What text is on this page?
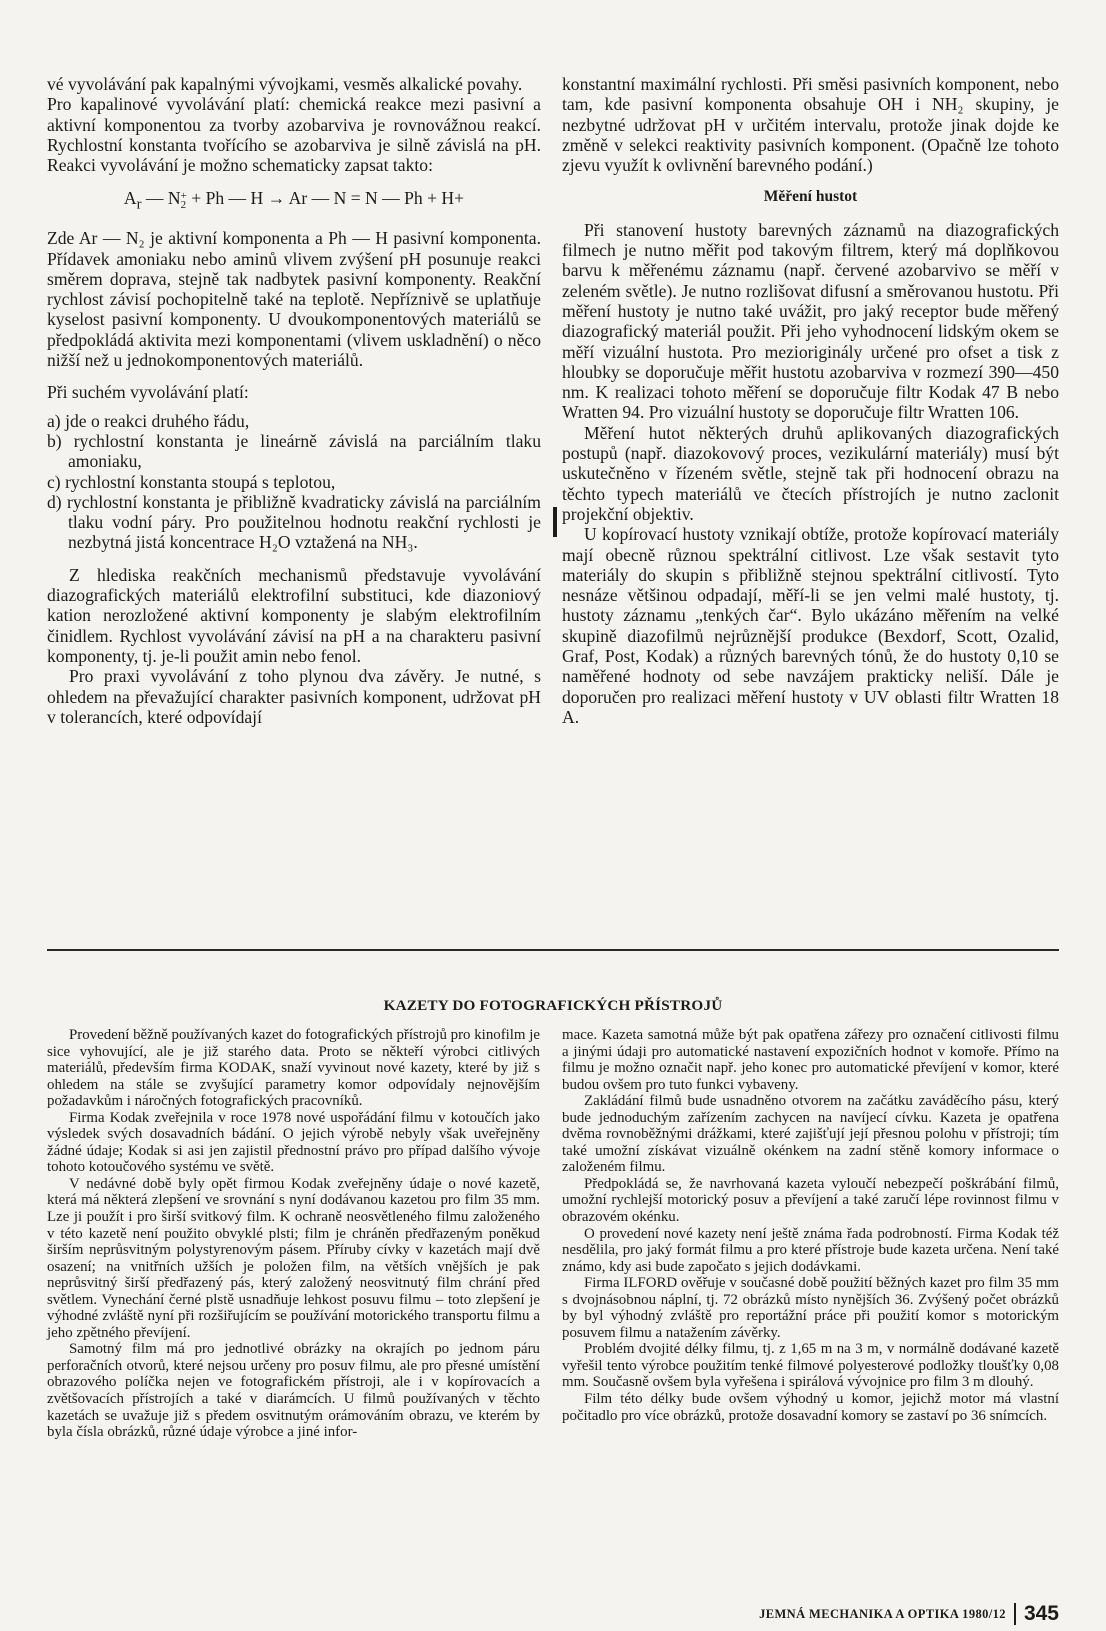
vé vyvolávání pak kapalnými vývojkami, vesměs alkalické povahy.

Pro kapalinové vyvolávání platí: chemická reakce mezi pasivní a aktivní komponentou za tvorby azobarviva je rovnovážnou reakcí. Rychlostní konstanta tvořícího se azobarviva je silně závislá na pH. Reakci vyvolávání je možno schematicky zapsat takto:

$A_r$ — N +
2 + Ph — H → Ar — N = N — Ph + H+

Zde Ar — N₂ je aktivní komponenta a Ph — H pasivní komponenta. Přídavek amoniaku nebo aminů vlivem zvýšení pH posunuje reakci směrem doprava, stejně tak nadbytek pasivní komponenty. Reakční rychlost závisí pochopitelně také na teplotě. Nepříznivě se uplatňuje kyselost pasivní komponenty. U dvoukomponentových materiálů se předpokládá aktivita mezi komponentami (vlivem uskladnění) o něco nižší než u jednokomponentových materiálů.

Při suchém vyvolávání platí:

a) jde o reakci druhého řádu,

b) rychlostní konstanta je lineárně závislá na parciálním tlaku amoniaku,

c) rychlostní konstanta stoupá s teplotou,

d) rychlostní konstanta je přibližně kvadraticky závislá na parciálním tlaku vodní páry. Pro použitelnou hodnotu reakční rychlosti je nezbytná jistá koncentrace H₂O vztažená na NH₃.

Z hlediska reakčních mechanismů představuje vyvolávání diazografických materiálů elektrofilní substituci, kde diazoniový kation nerozložené aktivní komponenty je slabým elektrofilním činidlem. Rychlost vyvolávání závisí na pH a na charakteru pasivní komponenty, tj. je-li použit amin nebo fenol.

Pro praxi vyvolávání z toho plynou dva závěry. Je nutné, s ohledem na převažující charakter pasivních komponent, udržovat pH v tolerancích, které odpovídají

konstantní maximální rychlosti. Při směsi pasivních komponent, nebo tam, kde pasivní komponenta obsahuje OH i NH₂ skupiny, je nezbytné udržovat pH v určitém intervalu, protože jinak dojde ke změně v selekci reaktivity pasivních komponent. (Opačně lze tohoto zjevu využít k ovlivnění barevného podání.)

Měření hustot

Při stanovení hustoty barevných záznamů na diazografických filmech je nutno měřit pod takovým filtrem, který má doplňkovou barvu k měřenému záznamu (např. červené azobarvivo se měří v zeleném světle). Je nutno rozlišovat difusní a směrovanou hustotu. Při měření hustoty je nutno také uvážit, pro jaký receptor bude měřený diazografický materiál použit. Při jeho vyhodnocení lidským okem se měří vizuální hustota. Pro mezioriginály určené pro ofset a tisk z hloubky se doporučuje měřit hustotu azobarviva v rozmezí 390—450 nm. K realizaci tohoto měření se doporučuje filtr Kodak 47 B nebo Wratten 94. Pro vizuální hustoty se doporučuje filtr Wratten 106.

Měření hutot některých druhů aplikovaných diazografických postupů (např. diazokovový proces, vezikulární materiály) musí být uskutečněno v řízeném světle, stejně tak při hodnocení obrazu na těchto typech materiálů ve čtecích přístrojích je nutno zaclonit projekční objektiv.

U kopírovací hustoty vznikají obtíže, protože kopírovací materiály mají obecně různou spektrální citlivost. Lze však sestavit tyto materiály do skupin s přibližně stejnou spektrální citlivostí. Tyto nesnáze většinou odpadají, měří-li se jen velmi malé hustoty, tj. hustoty záznamu „tenkých čar“. Bylo ukázáno měřením na velké skupině diazofilmů nejrůznější produkce (Bexdorf, Scott, Ozalid, Graf, Post, Kodak) a různých barevných tónů, že do hustoty 0,10 se naměřené hodnoty od sebe navzájem prakticky neliší. Dále je doporučen pro realizaci měření hustoty v UV oblasti filtr Wratten 18 A.

KAZETY DO FOTOGRAFICKÝCH PŘÍSTROJŮ

Provedení běžně používaných kazet do fotografických přístrojů pro kinofilm je sice vyhovující, ale je již starého data. Proto se někteří výrobci citlivých materiálů, především firma KODAK, snaží vyvinout nové kazety, které by již s ohledem na stále se zvyšující parametry komor odpovídaly nejnovějším požadavkům i náročných fotografických pracovníků.

Firma Kodak zveřejnila v roce 1978 nové uspořádání filmu v kotoučích jako výsledek svých dosavadních bádání. O jejich výrobě nebyly však uveřejněny žádné údaje; Kodak si asi jen zajistil přednostní právo pro případ dalšího vývoje tohoto kotoučového systému ve světě.

V nedávné době byly opět firmou Kodak zveřejněny údaje o nové kazetě, která má některá zlepšení ve srovnání s nyní dodávanou kazetou pro film 35 mm. Lze ji použít i pro širší svitkový film. K ochraně neosvětleného filmu založeného v této kazetě není použito obvyklé plsti; film je chráněn předřazeným poněkud širším neprůsvitným polystyrenovým pásem. Příruby cívky v kazetách mají dvě osazení; na vnitřních užších je položen film, na větších vnějších je pak neprůsvitný širší předřazený pás, který založený neosvitnutý film chrání před světlem. Vynechání černé plstě usnadňuje lehkost posuvu filmu – toto zlepšení je výhodné zvláště nyní při rozšiřujícím se používání motorického transportu filmu a jeho zpětného převíjení.

Samotný film má pro jednotlivé obrázky na okrajích po jednom páru perforačních otvorů, které nejsou určeny pro posuv filmu, ale pro přesné umístění obrazového políčka nejen ve fotografickém přístroji, ale i v kopírovacích a zvětšovacích přístrojích a také v diarámcích. U filmů používaných v těchto kazetách se uvažuje již s předem osvitnutým orámováním obrazu, ve kterém by byla čísla obrázků, různé údaje výrobce a jiné infor-

mace. Kazeta samotná může být pak opatřena zářezy pro označení citlivosti filmu a jinými údaji pro automatické nastavení expozičních hodnot v komoře. Přímo na filmu je možno označit např. jeho konec pro automatické převíjení v komor, které budou ovšem pro tuto funkci vybaveny.

Zakládání filmů bude usnadněno otvorem na začátku zaváděcího pásu, který bude jednoduchým zařízením zachycen na navíjecí cívku. Kazeta je opatřena dvěma rovnoběžnými drážkami, které zajišťují její přesnou polohu v přístroji; tím také umožní získávat vizuálně okénkem na zadní stěně komory informace o založeném filmu.

Předpokládá se, že navrhovaná kazeta vyloučí nebezpečí poškrábání filmů, umožní rychlejší motorický posuv a převíjení a také zaručí lépe rovinnost filmu v obrazovém okénku.

O provedení nové kazety není ještě známa řada podrobností. Firma Kodak též nesdělila, pro jaký formát filmu a pro které přístroje bude kazeta určena. Není také známo, kdy asi bude započato s jejich dodávkami.

Firma ILFORD ověřuje v současné době použití běžných kazet pro film 35 mm s dvojnásobnou náplní, tj. 72 obrázků místo nynějších 36. Zvýšený počet obrázků by byl výhodný zvláště pro reportážní práce při použití komor s motorickým posuvem filmu a natažením závěrky.

Problém dvojité délky filmu, tj. z 1,65 m na 3 m, v normálně dodávané kazetě vyřešil tento výrobce použitím tenké filmové polyesterové podložky tloušťky 0,08 mm. Současně ovšem byla vyřešena i spirálová vývojnice pro film 3 m dlouhý.

Film této délky bude ovšem výhodný u komor, jejichž motor má vlastní počitadlo pro více obrázků, protože dosavadní komory se zastaví po 36 snímcích.

JEMNÁ MECHANIKA A OPTIKA 1980/12 345
